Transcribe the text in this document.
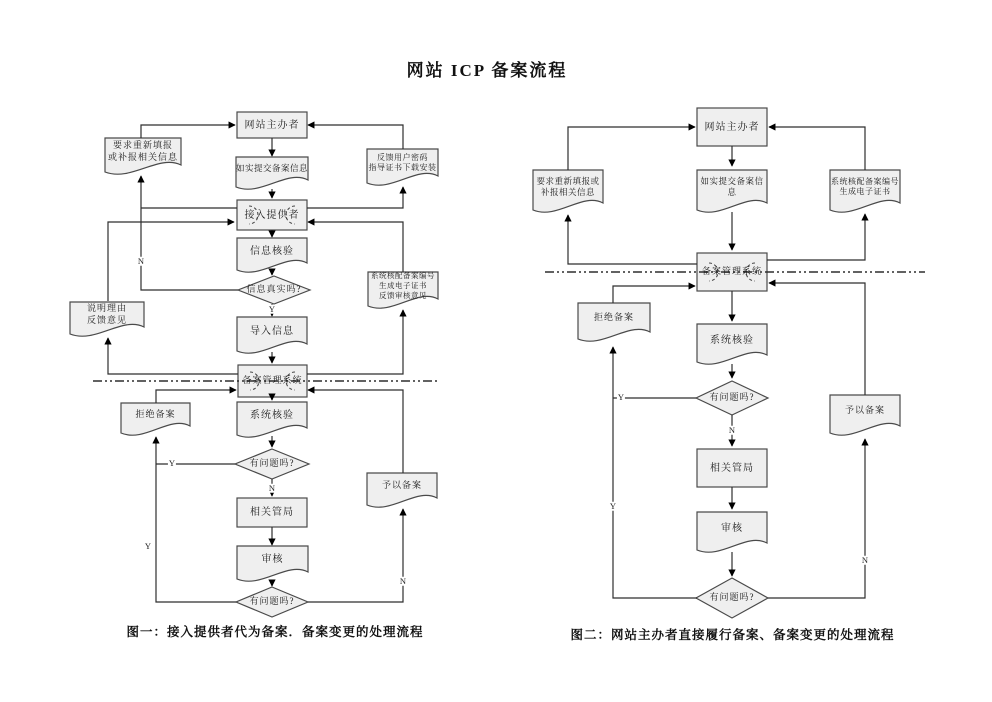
网站 ICP 备案流程
图一：接入提供者代为备案．备案变更的处理流程	图二：网站主办者直接履行备案、备案变更的处理流程
网站主办者
要求重新填报
或补报相关信息
如实提交备案信息
反馈用户密码
指导证书下载安装
接入提供者
信息核验
信息真实吗?
说明理由
反馈意见
导入信息
系统核配备案编号
生成电子证书
反馈审核意见
备案管理系统
拒绝备案	系统核验
有问题吗?
相关管局
审核
有问题吗?
予以备案
网站主办者
要求重新填报或
补报相关信息
如实提交备案信息
系统核配备案编号
生成电子证书
备案管理系统
拒绝备案
系统核验
有问题吗?
相关管局
审核
有问题吗?
予以备案
N
Y
Y
N
Y
N
Y
N
Y
N
